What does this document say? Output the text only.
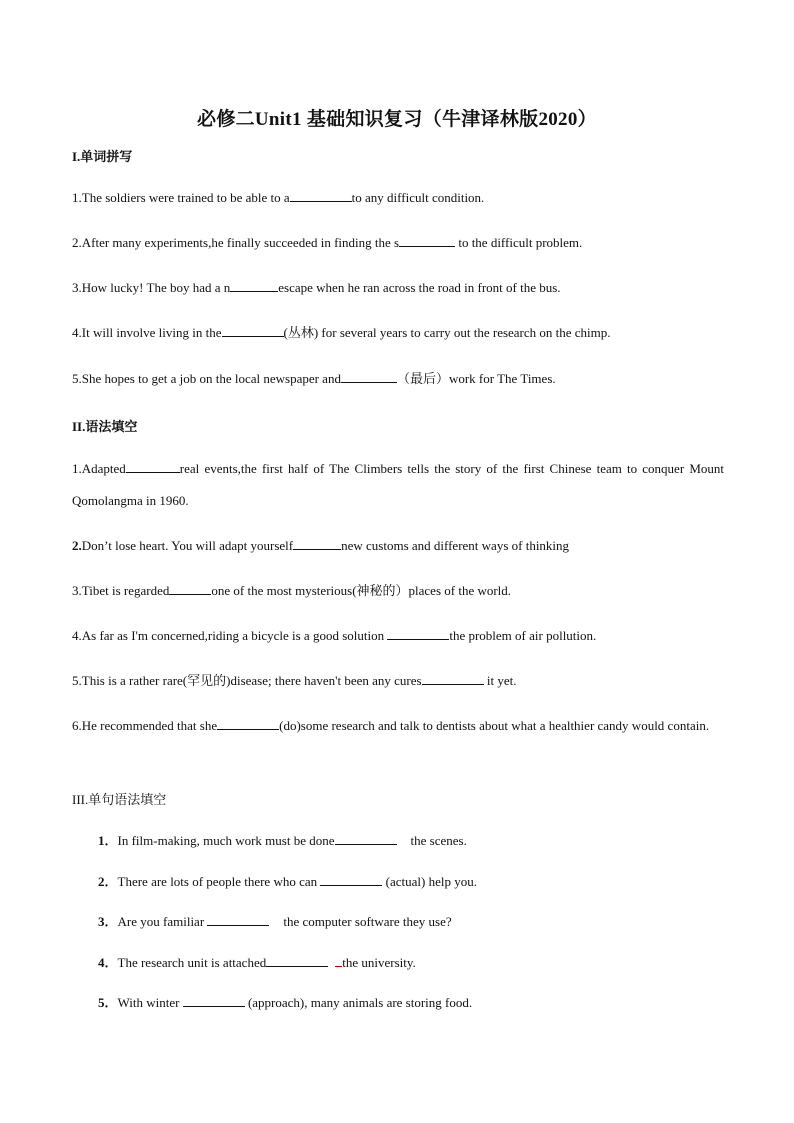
必修二Unit1 基础知识复习（牛津译林版2020）
I.单词拼写
1.The soldiers were trained to be able to a	to any difficult condition.
2.After many experiments,he finally succeeded in finding the s	to the difficult problem.
3.How lucky! The boy had a n	escape when he ran across the road in front of the bus.
4.It will involve living in the	(丛林) for several years to carry out the research on the chimp.
5.She hopes to get a job on the local newspaper and	（最后）work for The Times.
II.语法填空
1.Adapted	real events,the first half of The Climbers tells the story of the first Chinese team to conquer Mount Qomolangma in 1960.
2.Don’t lose heart. You will adapt yourself	new customs and different ways of thinking
3.Tibet is regarded	one of the most mysterious(神秘的）places of the world.
4.As far as I'm concerned,riding a bicycle is a good solution	the problem of air pollution.
5.This is a rather rare(罕见的)disease; there haven't been any cures	it yet.
6.He recommended that she	(do)some research and talk to dentists about what a healthier candy would contain.
III.单句语法填空
1．In film-making, much work must be done	the scenes.
2．There are lots of people there who can	(actual) help you.
3．Are you familiar	the computer software they use?
4．The research unit is attached	the university.
5．With winter	(approach), many animals are storing food.
